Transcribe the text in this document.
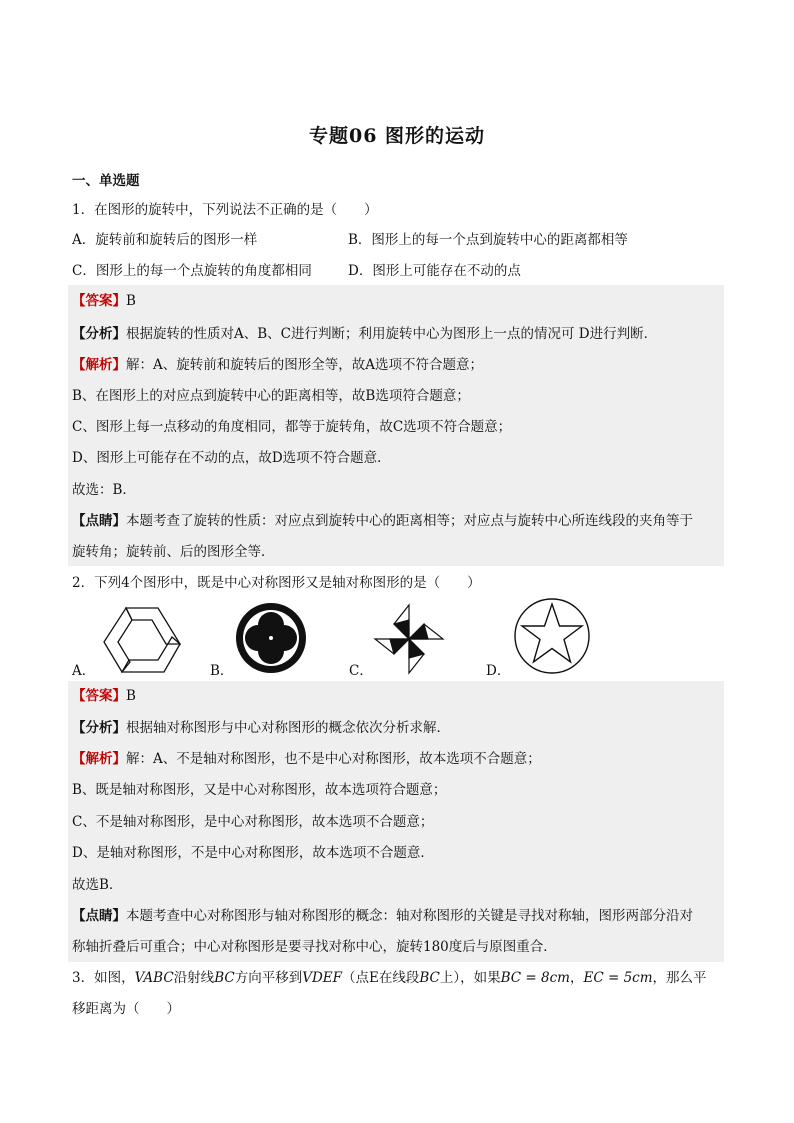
专题06 图形的运动
一、单选题
1．在图形的旋转中，下列说法不正确的是（　　）
A．旋转前和旋转后的图形一样	B．图形上的每一个点到旋转中心的距离都相等
C．图形上的每一个点旋转的角度都相同	D．图形上可能存在不动的点
【答案】B
【分析】根据旋转的性质对A、B、C进行判断；利用旋转中心为图形上一点的情况可 D进行判断．
【解析】解：A、旋转前和旋转后的图形全等，故A选项不符合题意；
B、在图形上的对应点到旋转中心的距离相等，故B选项符合题意；
C、图形上每一点移动的角度相同，都等于旋转角，故C选项不符合题意；
D、图形上可能存在不动的点，故D选项不符合题意．
故选：B．
【点睛】本题考查了旋转的性质：对应点到旋转中心的距离相等；对应点与旋转中心所连线段的夹角等于
旋转角；旋转前、后的图形全等．
2．下列4个图形中，既是中心对称图形又是轴对称图形的是（　　）
A．	B．	C．	D．
【答案】B
【分析】根据轴对称图形与中心对称图形的概念依次分析求解．
【解析】解：A、不是轴对称图形，也不是中心对称图形，故本选项不合题意；
B、既是轴对称图形，又是中心对称图形，故本选项符合题意；
C、不是轴对称图形，是中心对称图形，故本选项不合题意；
D、是轴对称图形，不是中心对称图形，故本选项不合题意．
故选B．
【点睛】本题考查中心对称图形与轴对称图形的概念：轴对称图形的关键是寻找对称轴，图形两部分沿对
称轴折叠后可重合；中心对称图形是要寻找对称中心，旋转180度后与原图重合．
3．如图，VABC沿射线BC方向平移到VDEF（点E在线段BC上），如果BC = 8cm，EC = 5cm，那么平
移距离为（　　）
